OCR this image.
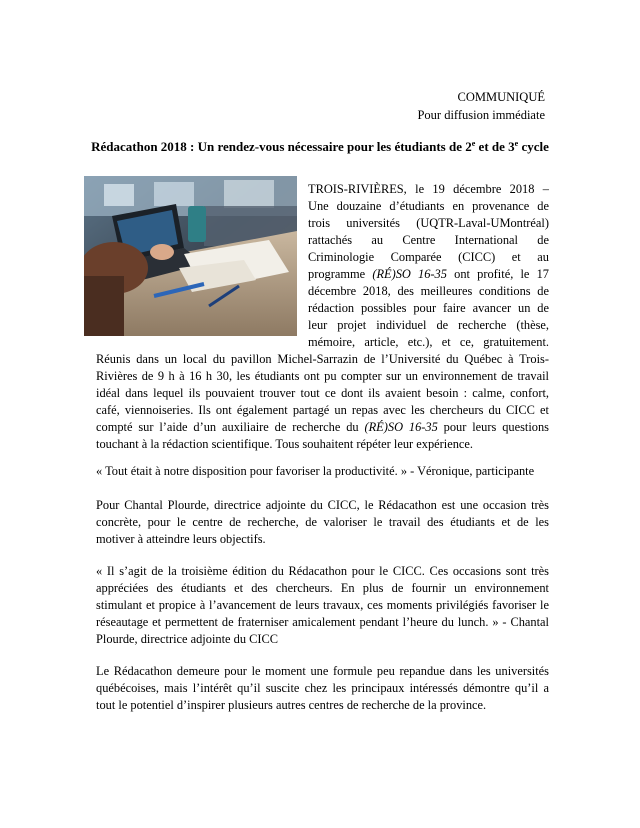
COMMUNIQUÉ
Pour diffusion immédiate
Rédacathon 2018 : Un rendez-vous nécessaire pour les étudiants de 2e et de 3e cycle
TROIS-RIVIÈRES, le 19 décembre 2018 –
Une douzaine d’étudiants en provenance de
trois universités (UQTR-Laval-UMontréal)
rattachés au Centre International de
Criminologie Comparée (CICC) et au
programme (RÉ)SO 16-35 ont profité, le 17
décembre 2018, des meilleures conditions de
rédaction possibles pour faire avancer un de
leur projet individuel de recherche (thèse,
mémoire, article, etc.), et ce, gratuitement.
Réunis dans un local du pavillon Michel-Sarrazin de l’Université du Québec à Trois-
Rivières de 9 h à 16 h 30, les étudiants ont pu compter sur un environnement de travail
idéal dans lequel ils pouvaient trouver tout ce dont ils avaient besoin : calme, confort,
café, viennoiseries. Ils ont également partagé un repas avec les chercheurs du CICC et
compté sur l’aide d’un auxiliaire de recherche du (RÉ)SO 16-35 pour leurs questions
touchant à la rédaction scientifique. Tous souhaitent répéter leur expérience.
« Tout était à notre disposition pour favoriser la productivité. » - Véronique, participante
Pour Chantal Plourde, directrice adjointe du CICC, le Rédacathon est une occasion très
concrète, pour le centre de recherche, de valoriser le travail des étudiants et de les
motiver à atteindre leurs objectifs.
« Il s’agit de la troisième édition du Rédacathon pour le CICC. Ces occasions sont très
appréciées des étudiants et des chercheurs. En plus de fournir un environnement
stimulant et propice à l’avancement de leurs travaux, ces moments privilégiés favoriser le
réseautage et permettent de fraterniser amicalement pendant l’heure du lunch. » - Chantal
Plourde, directrice adjointe du CICC
Le Rédacathon demeure pour le moment une formule peu repandue dans les universités
québécoises, mais l’intérêt qu’il suscite chez les principaux intéressés démontre qu’il a
tout le potentiel d’inspirer plusieurs autres centres de recherche de la province.
